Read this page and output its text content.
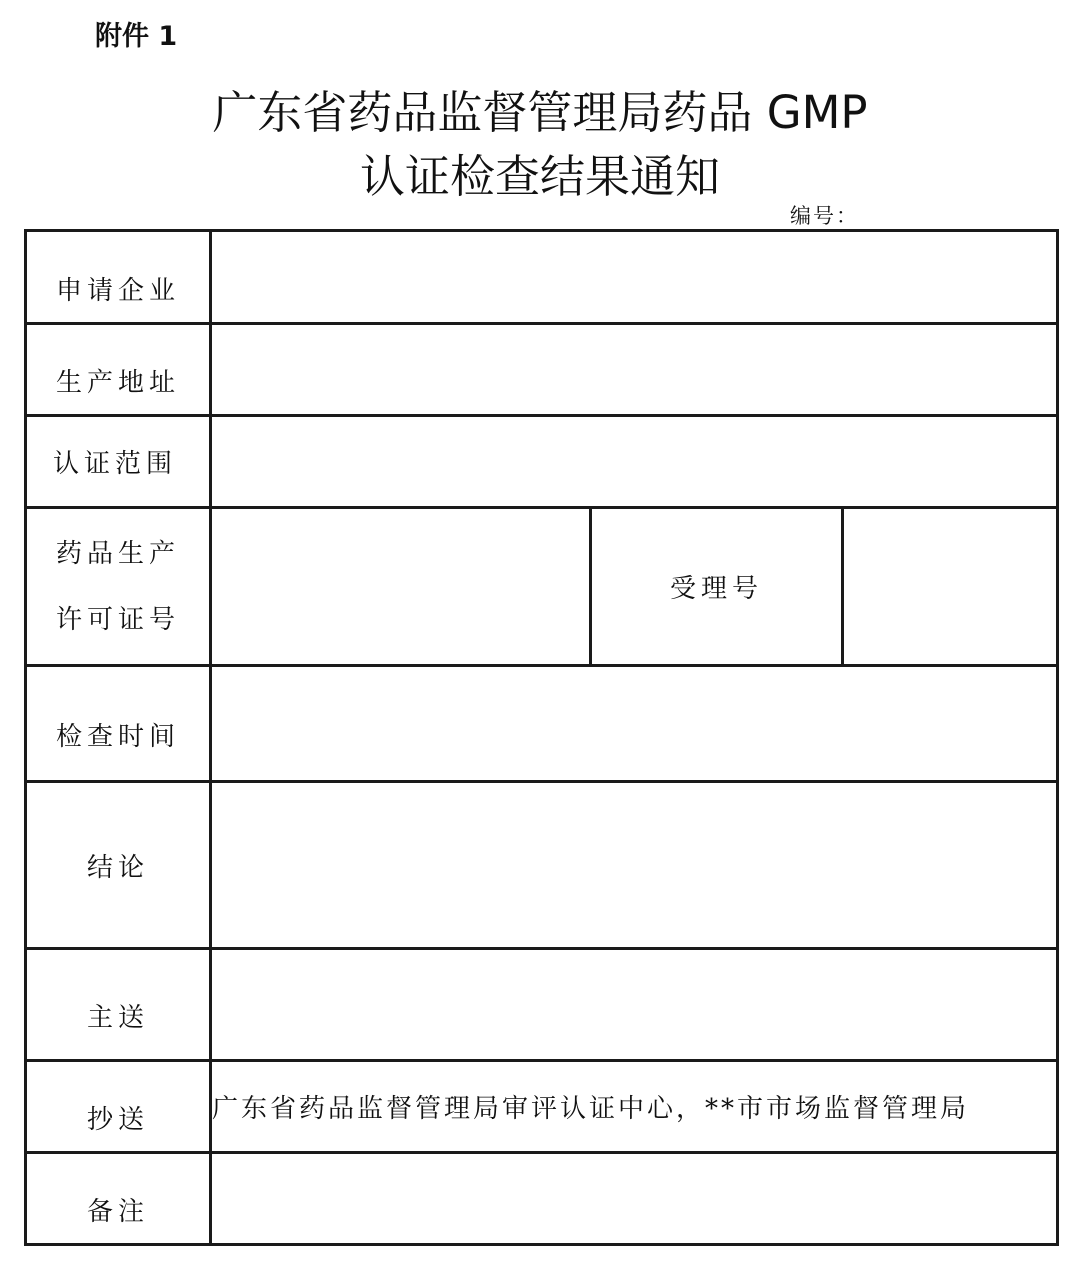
附件 1
广东省药品监督管理局药品 GMP
认证检查结果通知
编号：
申请企业			
生产地址			
认证范围			

药品生产
许可证号		受理号	
检查时间			
结论			
主送			
抄送	广东省药品监督管理局审评认证中心，**市市场监督管理局		
备注			
